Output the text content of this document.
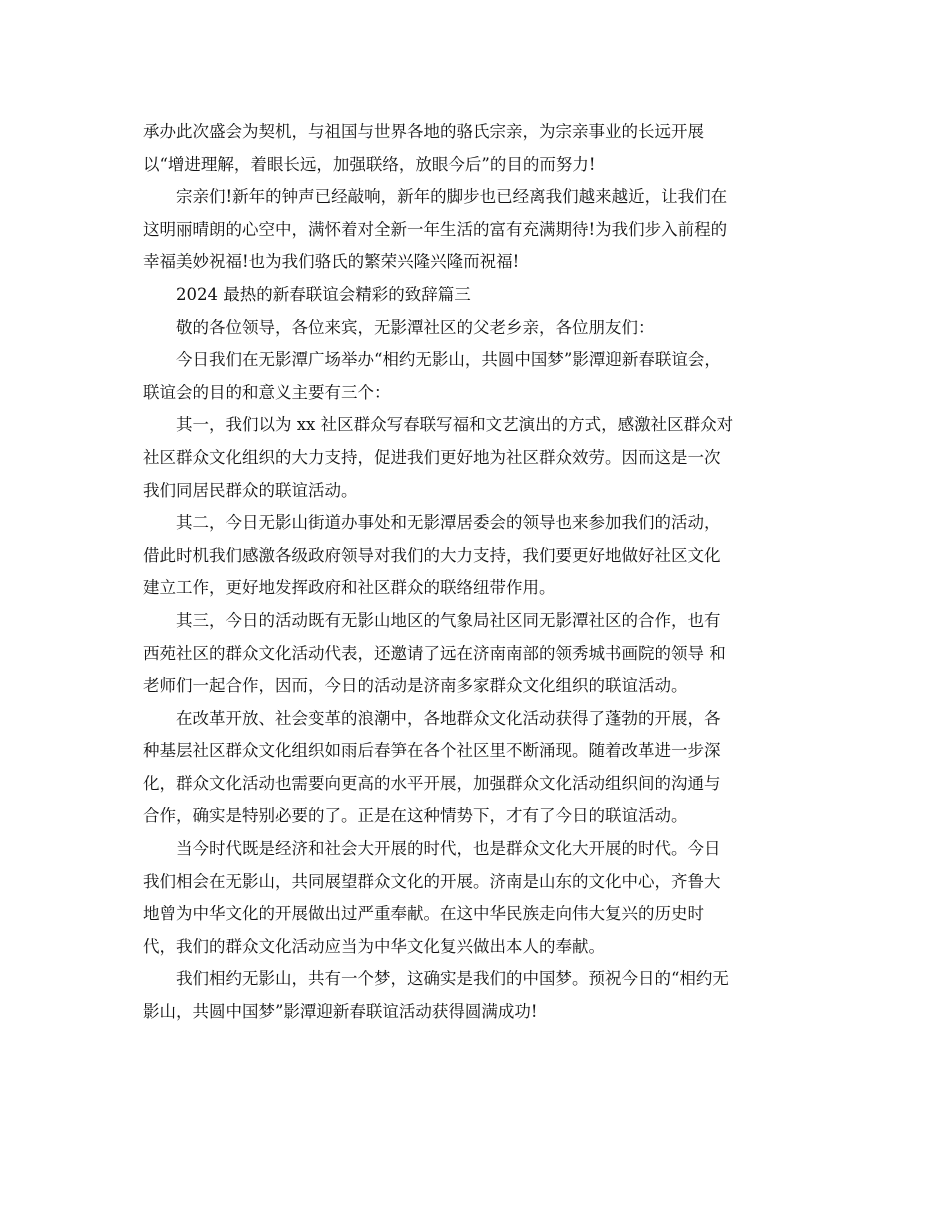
承办此次盛会为契机，与祖国与世界各地的骆氏宗亲，为宗亲事业的长远开展
以“增进理解，着眼长远，加强联络，放眼今后”的目的而努力!
宗亲们!新年的钟声已经敲响，新年的脚步也已经离我们越来越近，让我们在
这明丽晴朗的心空中，满怀着对全新一年生活的富有充满期待!为我们步入前程的
幸福美妙祝福!也为我们骆氏的繁荣兴隆兴隆而祝福!
2024 最热的新春联谊会精彩的致辞篇三
敬的各位领导，各位来宾，无影潭社区的父老乡亲，各位朋友们：
今日我们在无影潭广场举办“相约无影山，共圆中国梦”影潭迎新春联谊会，
联谊会的目的和意义主要有三个：
其一，我们以为 xx 社区群众写春联写福和文艺演出的方式，感激社区群众对
社区群众文化组织的大力支持，促进我们更好地为社区群众效劳。因而这是一次
我们同居民群众的联谊活动。
其二，今日无影山街道办事处和无影潭居委会的领导也来参加我们的活动，
借此时机我们感激各级政府领导对我们的大力支持，我们要更好地做好社区文化
建立工作，更好地发挥政府和社区群众的联络纽带作用。
其三，今日的活动既有无影山地区的气象局社区同无影潭社区的合作，也有
西苑社区的群众文化活动代表，还邀请了远在济南南部的领秀城书画院的领导 和
老师们一起合作，因而，今日的活动是济南多家群众文化组织的联谊活动。
在改革开放、社会变革的浪潮中，各地群众文化活动获得了蓬勃的开展，各
种基层社区群众文化组织如雨后春笋在各个社区里不断涌现。随着改革进一步深
化，群众文化活动也需要向更高的水平开展，加强群众文化活动组织间的沟通与
合作，确实是特别必要的了。正是在这种情势下，才有了今日的联谊活动。
当今时代既是经济和社会大开展的时代，也是群众文化大开展的时代。今日
我们相会在无影山，共同展望群众文化的开展。济南是山东的文化中心，齐鲁大
地曾为中华文化的开展做出过严重奉献。在这中华民族走向伟大复兴的历史时
代，我们的群众文化活动应当为中华文化复兴做出本人的奉献。
我们相约无影山，共有一个梦，这确实是我们的中国梦。预祝今日的“相约无
影山，共圆中国梦”影潭迎新春联谊活动获得圆满成功!
